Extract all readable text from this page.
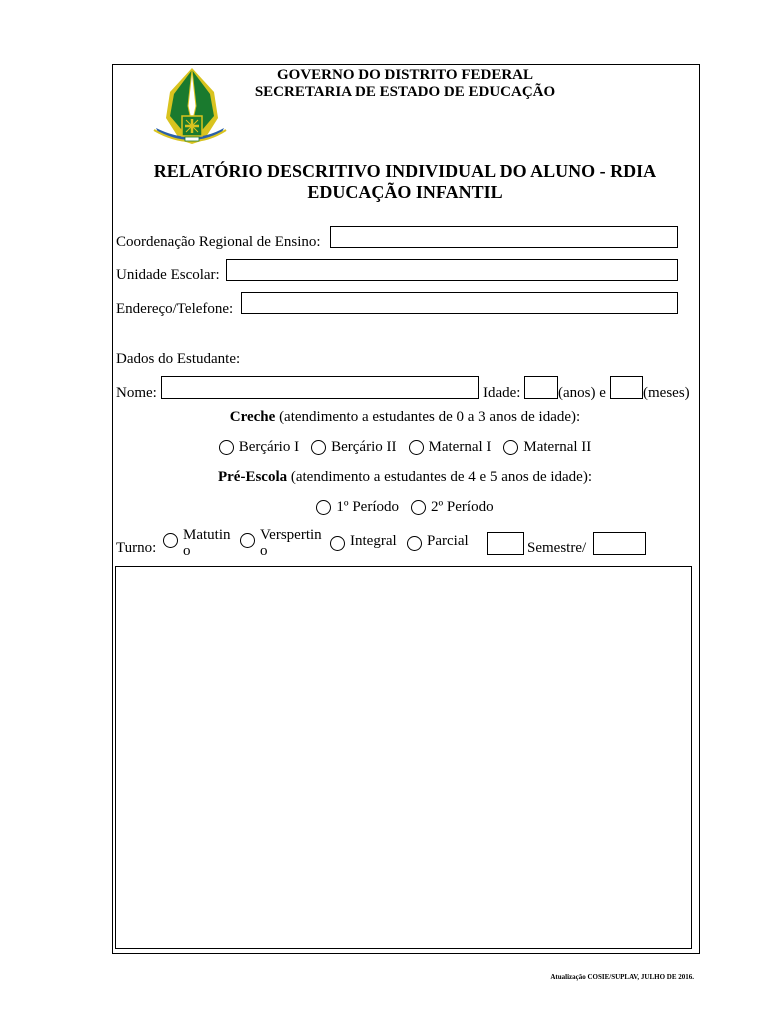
GOVERNO DO DISTRITO FEDERAL
SECRETARIA DE ESTADO DE EDUCAÇÃO
RELATÓRIO DESCRITIVO INDIVIDUAL DO ALUNO - RDIA
EDUCAÇÃO INFANTIL
Coordenação Regional de Ensino:
Unidade Escolar:
Endereço/Telefone:
Dados do Estudante:
Nome:	Idade:	(anos) e (meses)
Creche (atendimento a estudantes de 0 a 3 anos de idade):
Berçário I Berçário II Maternal I Maternal II
Pré-Escola (atendimento a estudantes de 4 e 5 anos de idade):
1º Período 2º Período
Turno:
Matutino
Verspertino
Integral Parcial	Semestre/
Atualização COSIE/SUPLAV, JULHO DE 2016.
